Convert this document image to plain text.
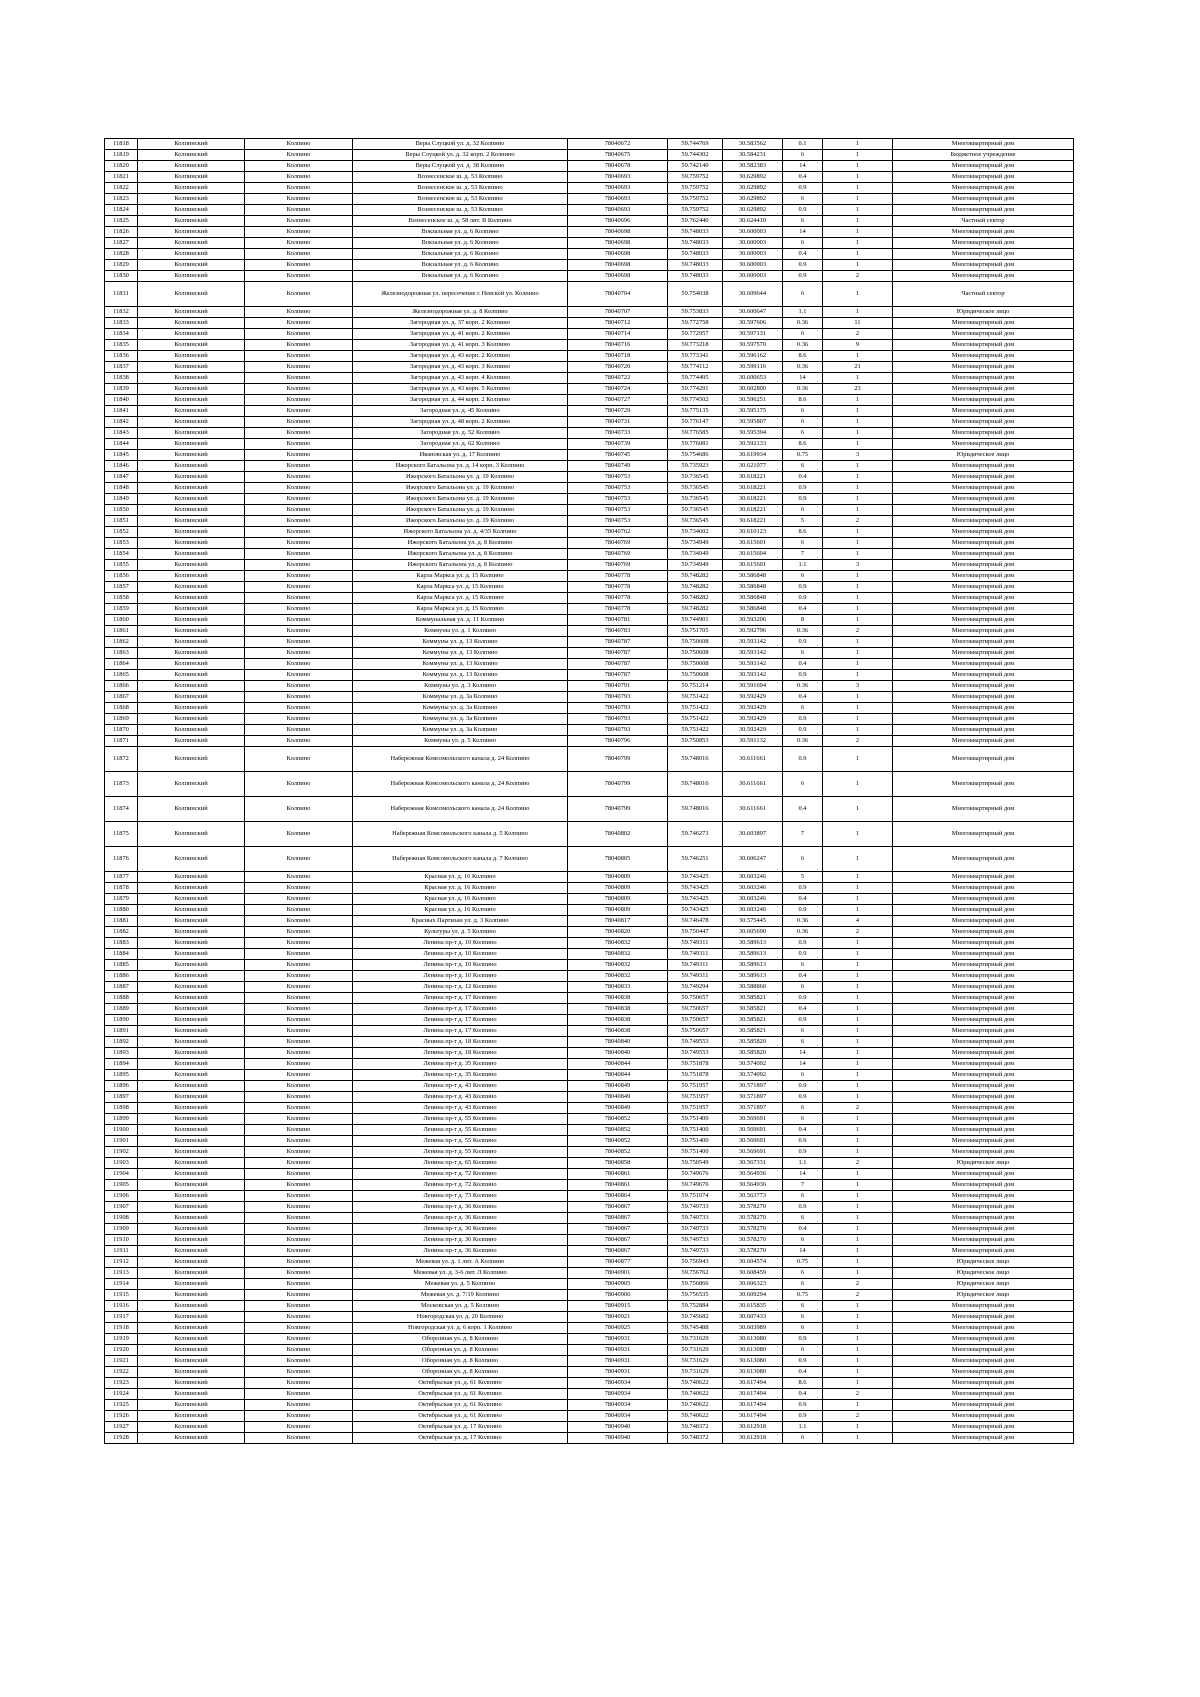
11818	Колпинский	Колпино	Веры Слуцкой ул. д. 32 Колпино	78040672	59.744769	30.583562	0.1	1	Многоквартирный дом
11819	Колпинский	Колпино	Веры Слуцкой ул. д. 32 корп. 2 Колпино	78040675	59.744302	30.584231	6	1	Бюджетное учреждение
11820	Колпинский	Колпино	Веры Слуцкой ул. д. 38 Колпино	78040678	59.742140	30.582383	14	1	Многоквартирный дом
11821	Колпинский	Колпино	Вознесенское ш. д. 53 Колпино	78040693	59.759752	30.629892	0.4	1	Многоквартирный дом
11822	Колпинский	Колпино	Вознесенское ш. д. 53 Колпино	78040693	59.759752	30.629892	0.9	1	Многоквартирный дом
11823	Колпинский	Колпино	Вознесенское ш. д. 53 Колпино	78040693	59.759752	30.629892	6	1	Многоквартирный дом
11824	Колпинский	Колпино	Вознесенское ш. д. 53 Колпино	78040693	59.759752	30.629892	0.9	1	Многоквартирный дом
11825	Колпинский	Колпино	Вознесенское ш. д. 58 лит. В Колпино	78040696	59.762440	30.624410	6	1	Частный сектор
11826	Колпинский	Колпино	Вокзальная ул. д. 6 Колпино	78040698	59.748033	30.600003	14	1	Многоквартирный дом
11827	Колпинский	Колпино	Вокзальная ул. д. 6 Колпино	78040698	59.748033	30.600003	6	1	Многоквартирный дом
11828	Колпинский	Колпино	Вокзальная ул. д. 6 Колпино	78040698	59.748033	30.600003	0.4	1	Многоквартирный дом
11829	Колпинский	Колпино	Вокзальная ул. д. 6 Колпино	78040698	59.748033	30.600003	0.9	1	Многоквартирный дом
11830	Колпинский	Колпино	Вокзальная ул. д. 6 Колпино	78040698	59.748033	30.600003	0.9	2	Многоквартирный дом
11831	Колпинский	Колпино	Железнодорожная ул. пересечение с Невской ул. Колпино	78040704	59.754038	30.609644	6	1	Частный сектор
11832	Колпинский	Колпино	Железнодорожная ул. д. 8 Колпино	78040707	59.753833	30.600647	1.1	1	Юридическое лицо
11833	Колпинский	Колпино	Загородная ул. д. 37 корп. 2 Колпино	78040712	59.772758	30.597606	0.36	11	Многоквартирный дом
11834	Колпинский	Колпино	Загородная ул. д. 41 корп. 2 Колпино	78040714	59.772957	30.597131	6	2	Многоквартирный дом
11835	Колпинский	Колпино	Загородная ул. д. 41 корп. 3 Колпино	78040716	59.773218	30.597570	0.36	9	Многоквартирный дом
11836	Колпинский	Колпино	Загородная ул. д. 43 корп. 2 Колпино	78040718	59.773341	30.596162	8.6	1	Многоквартирный дом
11837	Колпинский	Колпино	Загородная ул. д. 43 корп. 3 Колпино	78040720	59.774112	30.599116	0.36	21	Многоквартирный дом
11838	Колпинский	Колпино	Загородная ул. д. 43 корп. 4 Колпино	78040722	59.774495	30.600653	14	1	Многоквартирный дом
11839	Колпинский	Колпино	Загородная ул. д. 43 корп. 5 Колпино	78040724	59.774291	30.602800	0.36	23	Многоквартирный дом
11840	Колпинский	Колпино	Загородная ул. д. 44 корп. 2 Колпино	78040727	59.774502	30.596251	8.6	1	Многоквартирный дом
11841	Колпинский	Колпино	Загородная ул. д. 45 Колпино	78040729	59.775135	30.595175	6	1	Многоквартирный дом
11842	Колпинский	Колпино	Загородная ул. д. 48 корп. 2 Колпино	78040731	59.776147	30.595807	6	1	Многоквартирный дом
11843	Колпинский	Колпино	Загородная ул. д. 52 Колпино	78040733	59.776585	30.595394	6	1	Многоквартирный дом
11844	Колпинский	Колпино	Загородная ул. д. 62 Колпино	78040739	59.776081	30.592133	8.6	1	Многоквартирный дом
11845	Колпинский	Колпино	Ивановская ул. д. 17 Колпино	78040745	59.754686	30.619934	0.75	3	Юридическое лицо
11846	Колпинский	Колпино	Ижорского Батальона ул. д. 14 корп. 3 Колпино	78040749	59.735923	30.621077	6	1	Многоквартирный дом
11847	Колпинский	Колпино	Ижорского Батальона ул. д. 19 Колпино	78040753	59.736545	30.618221	0.4	1	Многоквартирный дом
11848	Колпинский	Колпино	Ижорского Батальона ул. д. 19 Колпино	78040753	59.736545	30.618221	0.9	1	Многоквартирный дом
11849	Колпинский	Колпино	Ижорского Батальона ул. д. 19 Колпино	78040753	59.736545	30.618221	0.9	1	Многоквартирный дом
11850	Колпинский	Колпино	Ижорского Батальона ул. д. 19 Колпино	78040753	59.736545	30.618221	6	1	Многоквартирный дом
11851	Колпинский	Колпино	Ижорского Батальона ул. д. 19 Колпино	78040753	59.736545	30.618221	5	2	Многоквартирный дом
11852	Колпинский	Колпино	Ижорского Батальона ул. д. 4/35 Колпино	78040762	59.734602	30.610123	8.6	1	Многоквартирный дом
11853	Колпинский	Колпино	Ижорского Батальона ул. д. 8 Колпино	78040769	59.734949	30.615601	6	1	Многоквартирный дом
11854	Колпинский	Колпино	Ижорского Батальона ул. д. 8 Колпино	78040769	59.734949	30.615604	7	1	Многоквартирный дом
11855	Колпинский	Колпино	Ижорского Батальона ул. д. 8 Колпино	78040769	59.734949	30.615601	1.1	3	Многоквартирный дом
11856	Колпинский	Колпино	Карла Маркса ул. д. 15 Колпино	78040778	59.748282	30.586848	6	1	Многоквартирный дом
11857	Колпинский	Колпино	Карла Маркса ул. д. 15 Колпино	78040778	59.748282	30.586848	0.9	1	Многоквартирный дом
11858	Колпинский	Колпино	Карла Маркса ул. д. 15 Колпино	78040778	59.748282	30.586848	0.9	1	Многоквартирный дом
11859	Колпинский	Колпино	Карла Маркса ул. д. 15 Колпино	78040778	59.748282	30.586848	0.4	1	Многоквартирный дом
11860	Колпинский	Колпино	Коммунальная ул. д. 11 Колпино	78040781	59.744901	30.593206	8	1	Многоквартирный дом
11861	Колпинский	Колпино	Коммуны ул. д. 1 Колпино	78040783	59.751705	30.592796	0.36	2	Многоквартирный дом
11862	Колпинский	Колпино	Коммуны ул. д. 13 Колпино	78040787	59.750608	30.593142	0.9	1	Многоквартирный дом
11863	Колпинский	Колпино	Коммуны ул. д. 13 Колпино	78040787	59.750608	30.593142	6	1	Многоквартирный дом
11864	Колпинский	Колпино	Коммуны ул. д. 13 Колпино	78040787	59.750608	30.593142	0.4	1	Многоквартирный дом
11865	Колпинский	Колпино	Коммуны ул. д. 13 Колпино	78040787	59.750608	30.593142	0.9	1	Многоквартирный дом
11866	Колпинский	Колпино	Коммуны ул. д. 3 Колпино	78040791	59.751214	30.591694	0.36	3	Многоквартирный дом
11867	Колпинский	Колпино	Коммуны ул. д. 3а Колпино	78040793	59.751422	30.592429	0.4	1	Многоквартирный дом
11868	Колпинский	Колпино	Коммуны ул. д. 3а Колпино	78040793	59.751422	30.592429	6	1	Многоквартирный дом
11869	Колпинский	Колпино	Коммуны ул. д. 3а Колпино	78040793	59.751422	30.592429	0.9	1	Многоквартирный дом
11870	Колпинский	Колпино	Коммуны ул. д. 3а Колпино	78040793	59.751422	30.592429	0.9	1	Многоквартирный дом
11871	Колпинский	Колпино	Коммуны ул. д. 5 Колпино	78040796	59.750853	30.591132	0.36	2	Многоквартирный дом
11872	Колпинский	Колпино	Набережная Комсомольского канала д. 24 Колпино	78040799	59.748016	30.611661	0.9	1	Многоквартирный дом
11873	Колпинский	Колпино	Набережная Комсомольского канала д. 24 Колпино	78040799	59.748016	30.611661	6	1	Многоквартирный дом
11874	Колпинский	Колпино	Набережная Комсомольского канала д. 24 Колпино	78040799	59.748016	30.611661	0.4	1	Многоквартирный дом
11875	Колпинский	Колпино	Набережная Комсомольского канала д. 5 Колпино	78040802	59.746273	30.603897	7	1	Многоквартирный дом
11876	Колпинский	Колпино	Набережная Комсомольского канала д. 7 Колпино	78040805	59.746251	30.606247	6	1	Многоквартирный дом
11877	Колпинский	Колпино	Красная ул. д. 16 Колпино	78040809	59.743425	30.603246	5	1	Многоквартирный дом
11878	Колпинский	Колпино	Красная ул. д. 16 Колпино	78040809	59.743425	30.603246	0.9	1	Многоквартирный дом
11879	Колпинский	Колпино	Красная ул. д. 16 Колпино	78040809	59.743425	30.603246	0.4	1	Многоквартирный дом
11880	Колпинский	Колпино	Красная ул. д. 16 Колпино	78040809	59.743425	30.603246	0.9	1	Многоквартирный дом
11881	Колпинский	Колпино	Красных Партизан ул. д. 3 Колпино	78040817	59.746478	30.575445	0.36	4	Многоквартирный дом
11882	Колпинский	Колпино	Культуры ул. д. 5 Колпино	78040820	59.750447	30.605690	0.36	2	Многоквартирный дом
11883	Колпинский	Колпино	Ленина пр-т д. 10 Колпино	78040832	59.749311	30.589613	0.9	1	Многоквартирный дом
11884	Колпинский	Колпино	Ленина пр-т д. 10 Колпино	78040832	59.749311	30.589613	0.9	1	Многоквартирный дом
11885	Колпинский	Колпино	Ленина пр-т д. 10 Колпино	78040832	59.749311	30.589613	6	1	Многоквартирный дом
11886	Колпинский	Колпино	Ленина пр-т д. 10 Колпино	78040832	59.749311	30.589613	0.4	1	Многоквартирный дом
11887	Колпинский	Колпино	Ленина пр-т д. 12 Колпино	78040833	59.749294	30.588860	6	1	Многоквартирный дом
11888	Колпинский	Колпино	Ленина пр-т д. 17 Колпино	78040838	59.750657	30.585821	0.9	1	Многоквартирный дом
11889	Колпинский	Колпино	Ленина пр-т д. 17 Колпино	78040838	59.750657	30.585821	0.4	1	Многоквартирный дом
11890	Колпинский	Колпино	Ленина пр-т д. 17 Колпино	78040838	59.750657	30.585821	0.9	1	Многоквартирный дом
11891	Колпинский	Колпино	Ленина пр-т д. 17 Колпино	78040838	59.750657	30.585821	6	1	Многоквартирный дом
11892	Колпинский	Колпино	Ленина пр-т д. 18 Колпино	78040840	59.749553	30.585820	6	1	Многоквартирный дом
11893	Колпинский	Колпино	Ленина пр-т д. 18 Колпино	78040840	59.749553	30.585820	14	1	Многоквартирный дом
11894	Колпинский	Колпино	Ленина пр-т д. 35 Колпино	78040844	59.751878	30.574092	14	1	Многоквартирный дом
11895	Колпинский	Колпино	Ленина пр-т д. 35 Колпино	78040844	59.751878	30.574092	6	1	Многоквартирный дом
11896	Колпинский	Колпино	Ленина пр-т д. 43 Колпино	78040849	59.751957	30.571897	0.9	1	Многоквартирный дом
11897	Колпинский	Колпино	Ленина пр-т д. 43 Колпино	78040849	59.751957	30.571897	0.9	1	Многоквартирный дом
11898	Колпинский	Колпино	Ленина пр-т д. 43 Колпино	78040849	59.751957	30.571897	6	2	Многоквартирный дом
11899	Колпинский	Колпино	Ленина пр-т д. 55 Колпино	78040852	59.751400	30.569691	6	1	Многоквартирный дом
11900	Колпинский	Колпино	Ленина пр-т д. 55 Колпино	78040852	59.751400	30.569691	0.4	1	Многоквартирный дом
11901	Колпинский	Колпино	Ленина пр-т д. 55 Колпино	78040852	59.751400	30.569691	0.9	1	Многоквартирный дом
11902	Колпинский	Колпино	Ленина пр-т д. 55 Колпино	78040852	59.751400	30.569691	0.9	1	Многоквартирный дом
11903	Колпинский	Колпино	Ленина пр-т д. 65 Колпино	78040858	59.750549	30.567331	1.1	2	Юридическое лицо
11904	Колпинский	Колпино	Ленина пр-т д. 72 Колпино	78040861	59.749676	30.564936	14	1	Многоквартирный дом
11905	Колпинский	Колпино	Ленина пр-т д. 72 Колпино	78040861	59.749676	30.564936	7	1	Многоквартирный дом
11906	Колпинский	Колпино	Ленина пр-т д. 73 Колпино	78040864	59.751074	30.563773	6	1	Многоквартирный дом
11907	Колпинский	Колпино	Ленина пр-т д. 36 Колпино	78040867	59.749733	30.578270	0.9	1	Многоквартирный дом
11908	Колпинский	Колпино	Ленина пр-т д. 36 Колпино	78040867	59.749733	30.578270	6	1	Многоквартирный дом
11909	Колпинский	Колпино	Ленина пр-т д. 36 Колпино	78040867	59.749733	30.578270	0.4	1	Многоквартирный дом
11910	Колпинский	Колпино	Ленина пр-т д. 36 Колпино	78040867	59.749733	30.578270	6	1	Многоквартирный дом
11911	Колпинский	Колпино	Ленина пр-т д. 36 Колпино	78040867	59.749733	30.578270	14	1	Многоквартирный дом
11912	Колпинский	Колпино	Межевая ул. д. 1 лит. А Колпино	78040877	59.756943	30.604574	0.75	1	Юридическое лицо
11913	Колпинский	Колпино	Межевая ул. д. 3-6 лит. Л Колпино	78040901	59.756762	30.608459	6	1	Юридическое лицо
11914	Колпинский	Колпино	Межевая ул. д. 5 Колпино	78040905	59.756866	30.606323	6	2	Юридическое лицо
11915	Колпинский	Колпино	Межевая ул. д. 7/19 Колпино	78040906	59.756535	30.609294	0.75	2	Юридическое лицо
11916	Колпинский	Колпино	Московская ул. д. 5 Колпино	78040915	59.752884	30.615835	6	1	Многоквартирный дом
11917	Колпинский	Колпино	Новгородская ул. д. 20 Колпино	78040921	59.745682	30.607433	6	1	Многоквартирный дом
11918	Колпинский	Колпино	Новгородская ул. д. 6 корп. 1 Колпино	78040925	59.745488	30.603989	6	1	Многоквартирный дом
11919	Колпинский	Колпино	Оборонная ул. д. 8 Колпино	78040931	59.731629	30.613080	0.9	1	Многоквартирный дом
11920	Колпинский	Колпино	Оборонная ул. д. 8 Колпино	78040931	59.731629	30.613080	6	1	Многоквартирный дом
11921	Колпинский	Колпино	Оборонная ул. д. 8 Колпино	78040931	59.731629	30.613080	0.9	1	Многоквартирный дом
11922	Колпинский	Колпино	Оборонная ул. д. 8 Колпино	78040931	59.731629	30.613080	0.4	1	Многоквартирный дом
11923	Колпинский	Колпино	Октябрьская ул. д. 61 Колпино	78040934	59.740622	30.617494	8.6	1	Многоквартирный дом
11924	Колпинский	Колпино	Октябрьская ул. д. 61 Колпино	78040934	59.740622	30.617494	0.4	2	Многоквартирный дом
11925	Колпинский	Колпино	Октябрьская ул. д. 61 Колпино	78040934	59.740622	30.617494	0.9	1	Многоквартирный дом
11926	Колпинский	Колпино	Октябрьская ул. д. 61 Колпино	78040934	59.740622	30.617494	0.9	2	Многоквартирный дом
11927	Колпинский	Колпино	Октябрьская ул. д. 17 Колпино	78040940	59.748372	30.612918	1.1	1	Многоквартирный дом
11928	Колпинский	Колпино	Октябрьская ул. д. 17 Колпино	78040940	59.748372	30.612918	6	1	Многоквартирный дом
